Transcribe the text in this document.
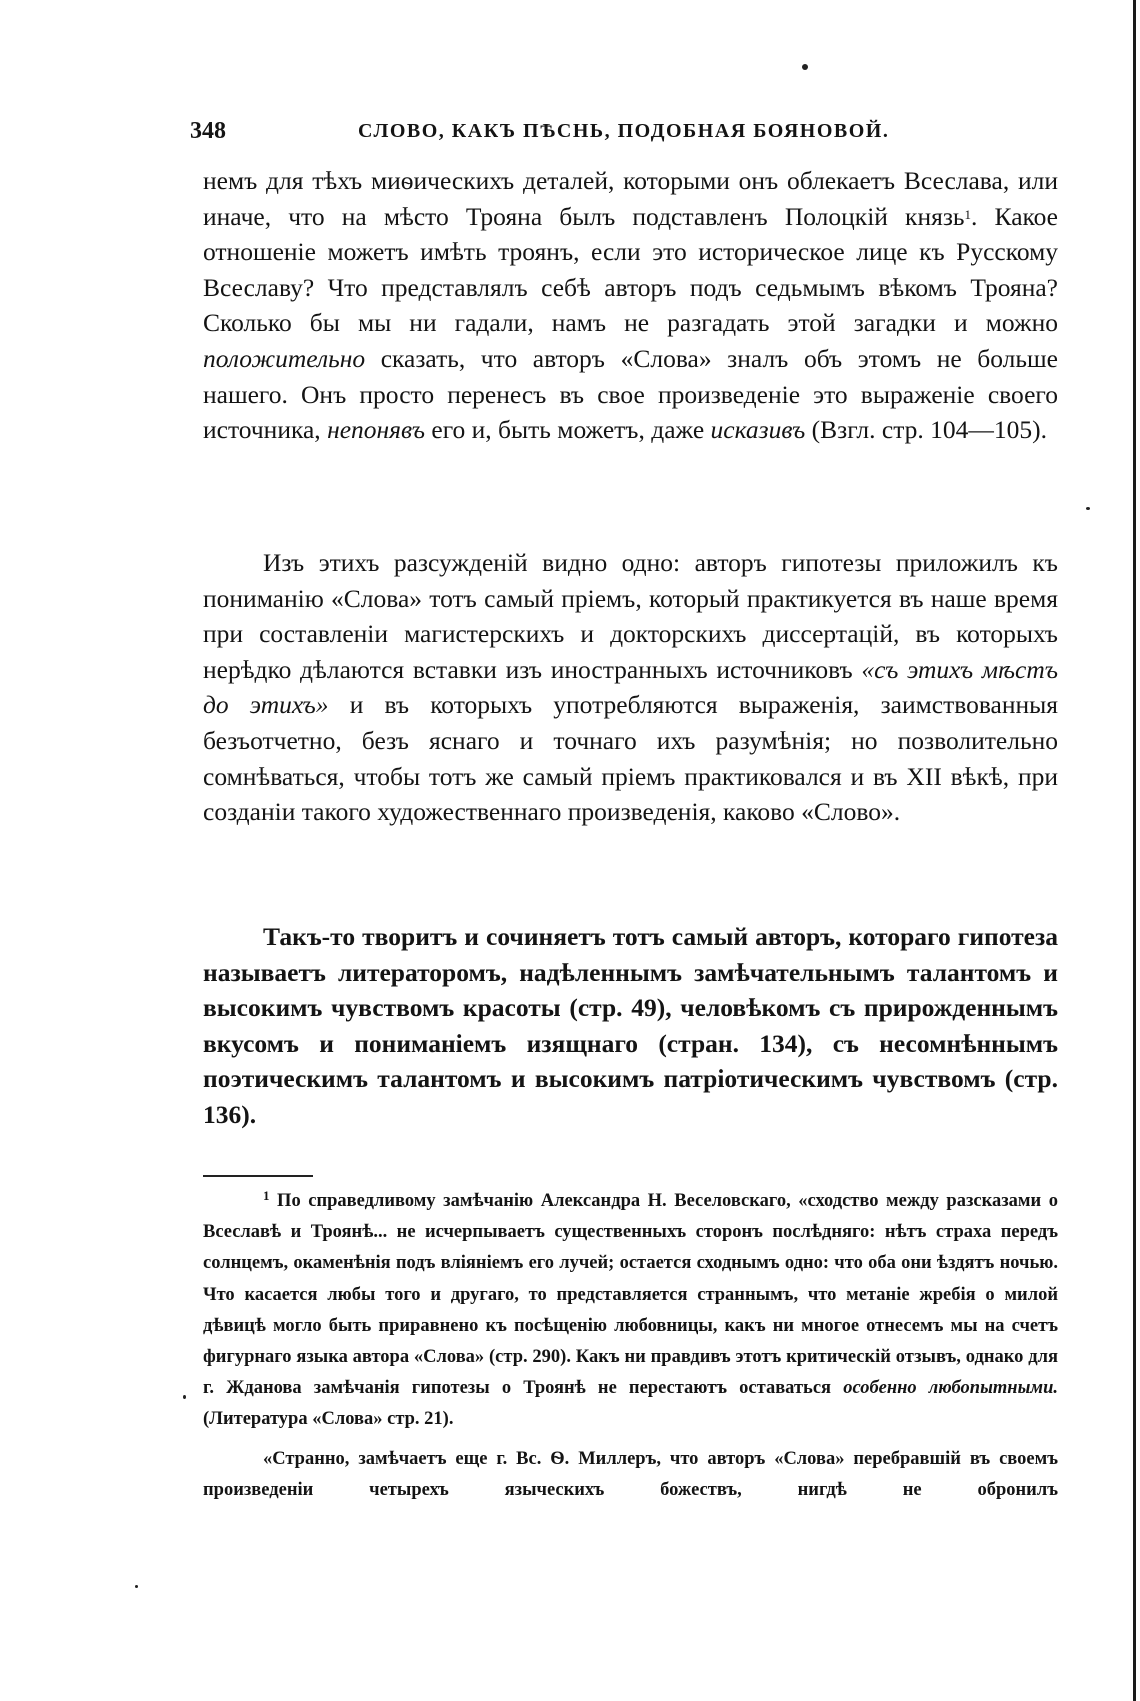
348	СЛОВО, КАКЪ ПѢСНЬ, ПОДОБНАЯ БОЯНОВОЙ.

немъ для тѣхъ миѳическихъ деталей, которыми онъ облекаетъ Всеслава, или иначе, что на мѣсто Трояна былъ подставленъ Полоцкій князь$^1$. Какое отношеніе можетъ имѣть троянъ, если это историческое лице къ Русскому Всеславу? Что представлялъ себѣ авторъ подъ седьмымъ вѣкомъ Трояна? Сколько бы мы ни гадали, намъ не разгадать этой загадки и можно положительно сказать, что авторъ «Слова» зналъ объ этомъ не больше нашего. Онъ просто перенесъ въ свое произведеніе это выраженіе своего источника, непонявъ его и, быть можетъ, даже исказивъ (Взгл. стр. 104—105).

Изъ этихъ разсужденій видно одно: авторъ гипотезы приложилъ къ пониманію «Слова» тотъ самый пріемъ, который практикуется въ наше время при составленіи магистерскихъ и докторскихъ диссертацій, въ которыхъ нерѣдко дѣлаются вставки изъ иностранныхъ источниковъ «съ этихъ мѣстъ до этихъ» и въ которыхъ употребляются выраженія, заимствованныя безъотчетно, безъ яснаго и точнаго ихъ разумѣнія; но позволительно сомнѣваться, чтобы тотъ же самый пріемъ практиковался и въ XII вѣкѣ, при созданіи такого художественнаго произведенія, каково «Слово».

Такъ-то творитъ и сочиняетъ тотъ самый авторъ, котораго гипотеза называетъ литераторомъ, надѣленнымъ замѣчательнымъ талантомъ и высокимъ чувствомъ красоты (стр. 49), человѣкомъ съ прирожденнымъ вкусомъ и пониманіемъ изящнаго (стран. 134), съ несомнѣннымъ поэтическимъ талантомъ и высокимъ патріотическимъ чувствомъ (стр. 136).

$^1$ По справедливому замѣчанію Александра Н. Веселовскаго, «сходство между разсказами о Всеславѣ и Троянѣ... не исчерпываетъ существенныхъ сторонъ послѣдняго: нѣтъ страха передъ солнцемъ, окаменѣнія подъ вліяніемъ его лучей; остается сходнымъ одно: что оба они ѣздятъ ночью. Что касается любы того и другаго, то представляется страннымъ, что метаніе жребія о милой дѣвицѣ могло быть приравнено къ посѣщенію любовницы, какъ ни многое отнесемъ мы на счетъ фигурнаго языка автора «Слова» (стр. 290). Какъ ни правдивъ этотъ критическій отзывъ, однако для г. Жданова замѣчанія гипотезы о Троянѣ не перестаютъ оставаться особенно любопытными. (Литература «Слова» стр. 21).

«Странно, замѣчаетъ еще г. Вс. Ѳ. Миллеръ, что авторъ «Слова» перебравшій въ своемъ произведеніи четырехъ языческихъ божествъ, нигдѣ не обронилъ
